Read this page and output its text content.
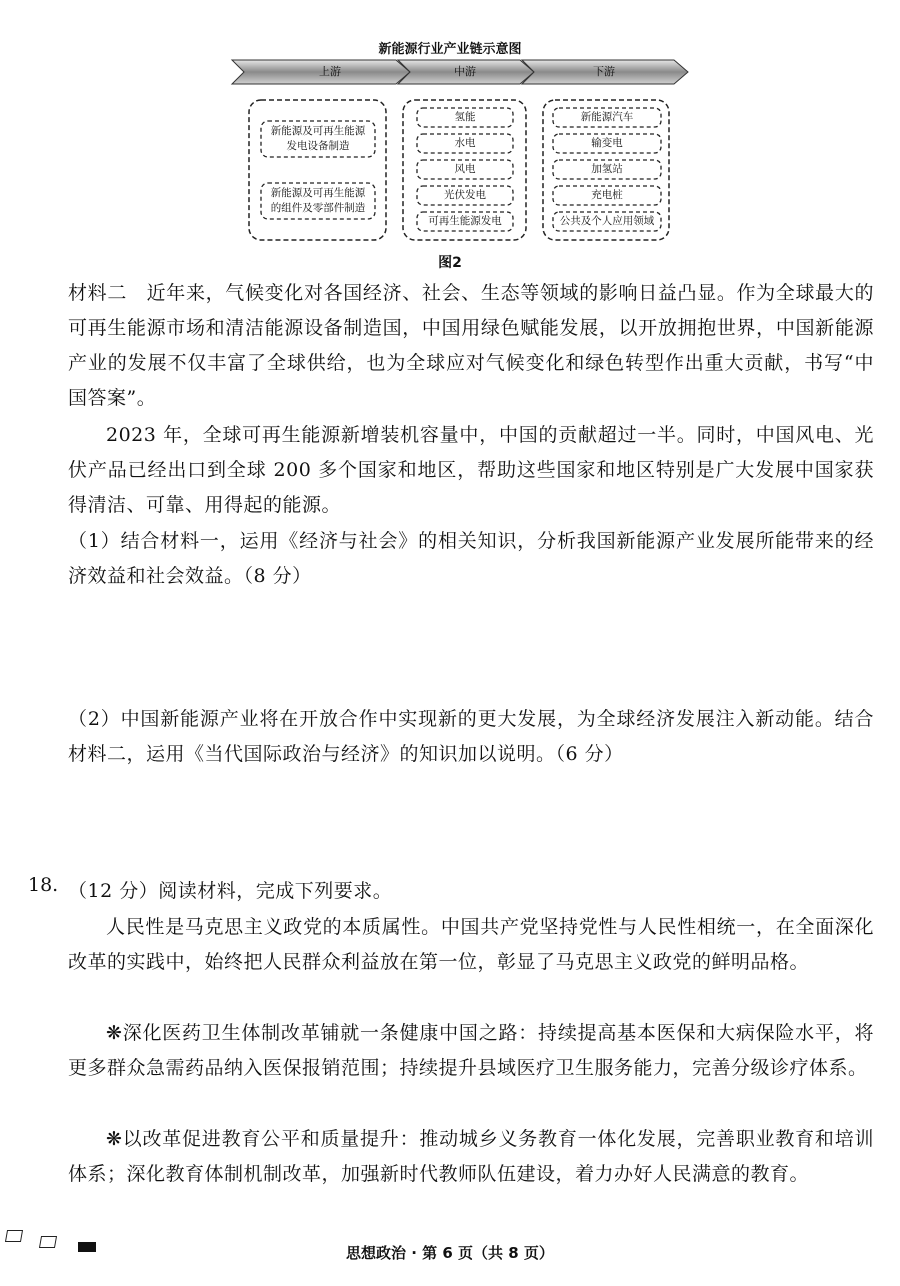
新能源行业产业链示意图
上游	中游	下游
新能源及可再生能源发电设备制造
新能源及可再生能源的组件及零部件制造
氢能
水电
风电
光伏发电
可再生能源发电
新能源汽车
输变电
加氢站
充电桩
公共及个人应用领域
图2
材料二　近年来，气候变化对各国经济、社会、生态等领域的影响日益凸显。作为全球最大的可再生能源市场和清洁能源设备制造国，中国用绿色赋能发展，以开放拥抱世界，中国新能源产业的发展不仅丰富了全球供给，也为全球应对气候变化和绿色转型作出重大贡献，书写“中国答案”。
2023 年，全球可再生能源新增装机容量中，中国的贡献超过一半。同时，中国风电、光伏产品已经出口到全球 200 多个国家和地区，帮助这些国家和地区特别是广大发展中国家获得清洁、可靠、用得起的能源。
（1）结合材料一，运用《经济与社会》的相关知识，分析我国新能源产业发展所能带来的经济效益和社会效益。（8 分）
（2）中国新能源产业将在开放合作中实现新的更大发展，为全球经济发展注入新动能。结合材料二，运用《当代国际政治与经济》的知识加以说明。（6 分）
18. （12 分）阅读材料，完成下列要求。
人民性是马克思主义政党的本质属性。中国共产党坚持党性与人民性相统一，在全面深化改革的实践中，始终把人民群众利益放在第一位，彰显了马克思主义政党的鲜明品格。
❋深化医药卫生体制改革铺就一条健康中国之路：持续提高基本医保和大病保险水平，将更多群众急需药品纳入医保报销范围；持续提升县域医疗卫生服务能力，完善分级诊疗体系。
❋以改革促进教育公平和质量提升：推动城乡义务教育一体化发展，完善职业教育和培训体系；深化教育体制机制改革，加强新时代教师队伍建设，着力办好人民满意的教育。
思想政治 · 第 6 页（共 8 页）
